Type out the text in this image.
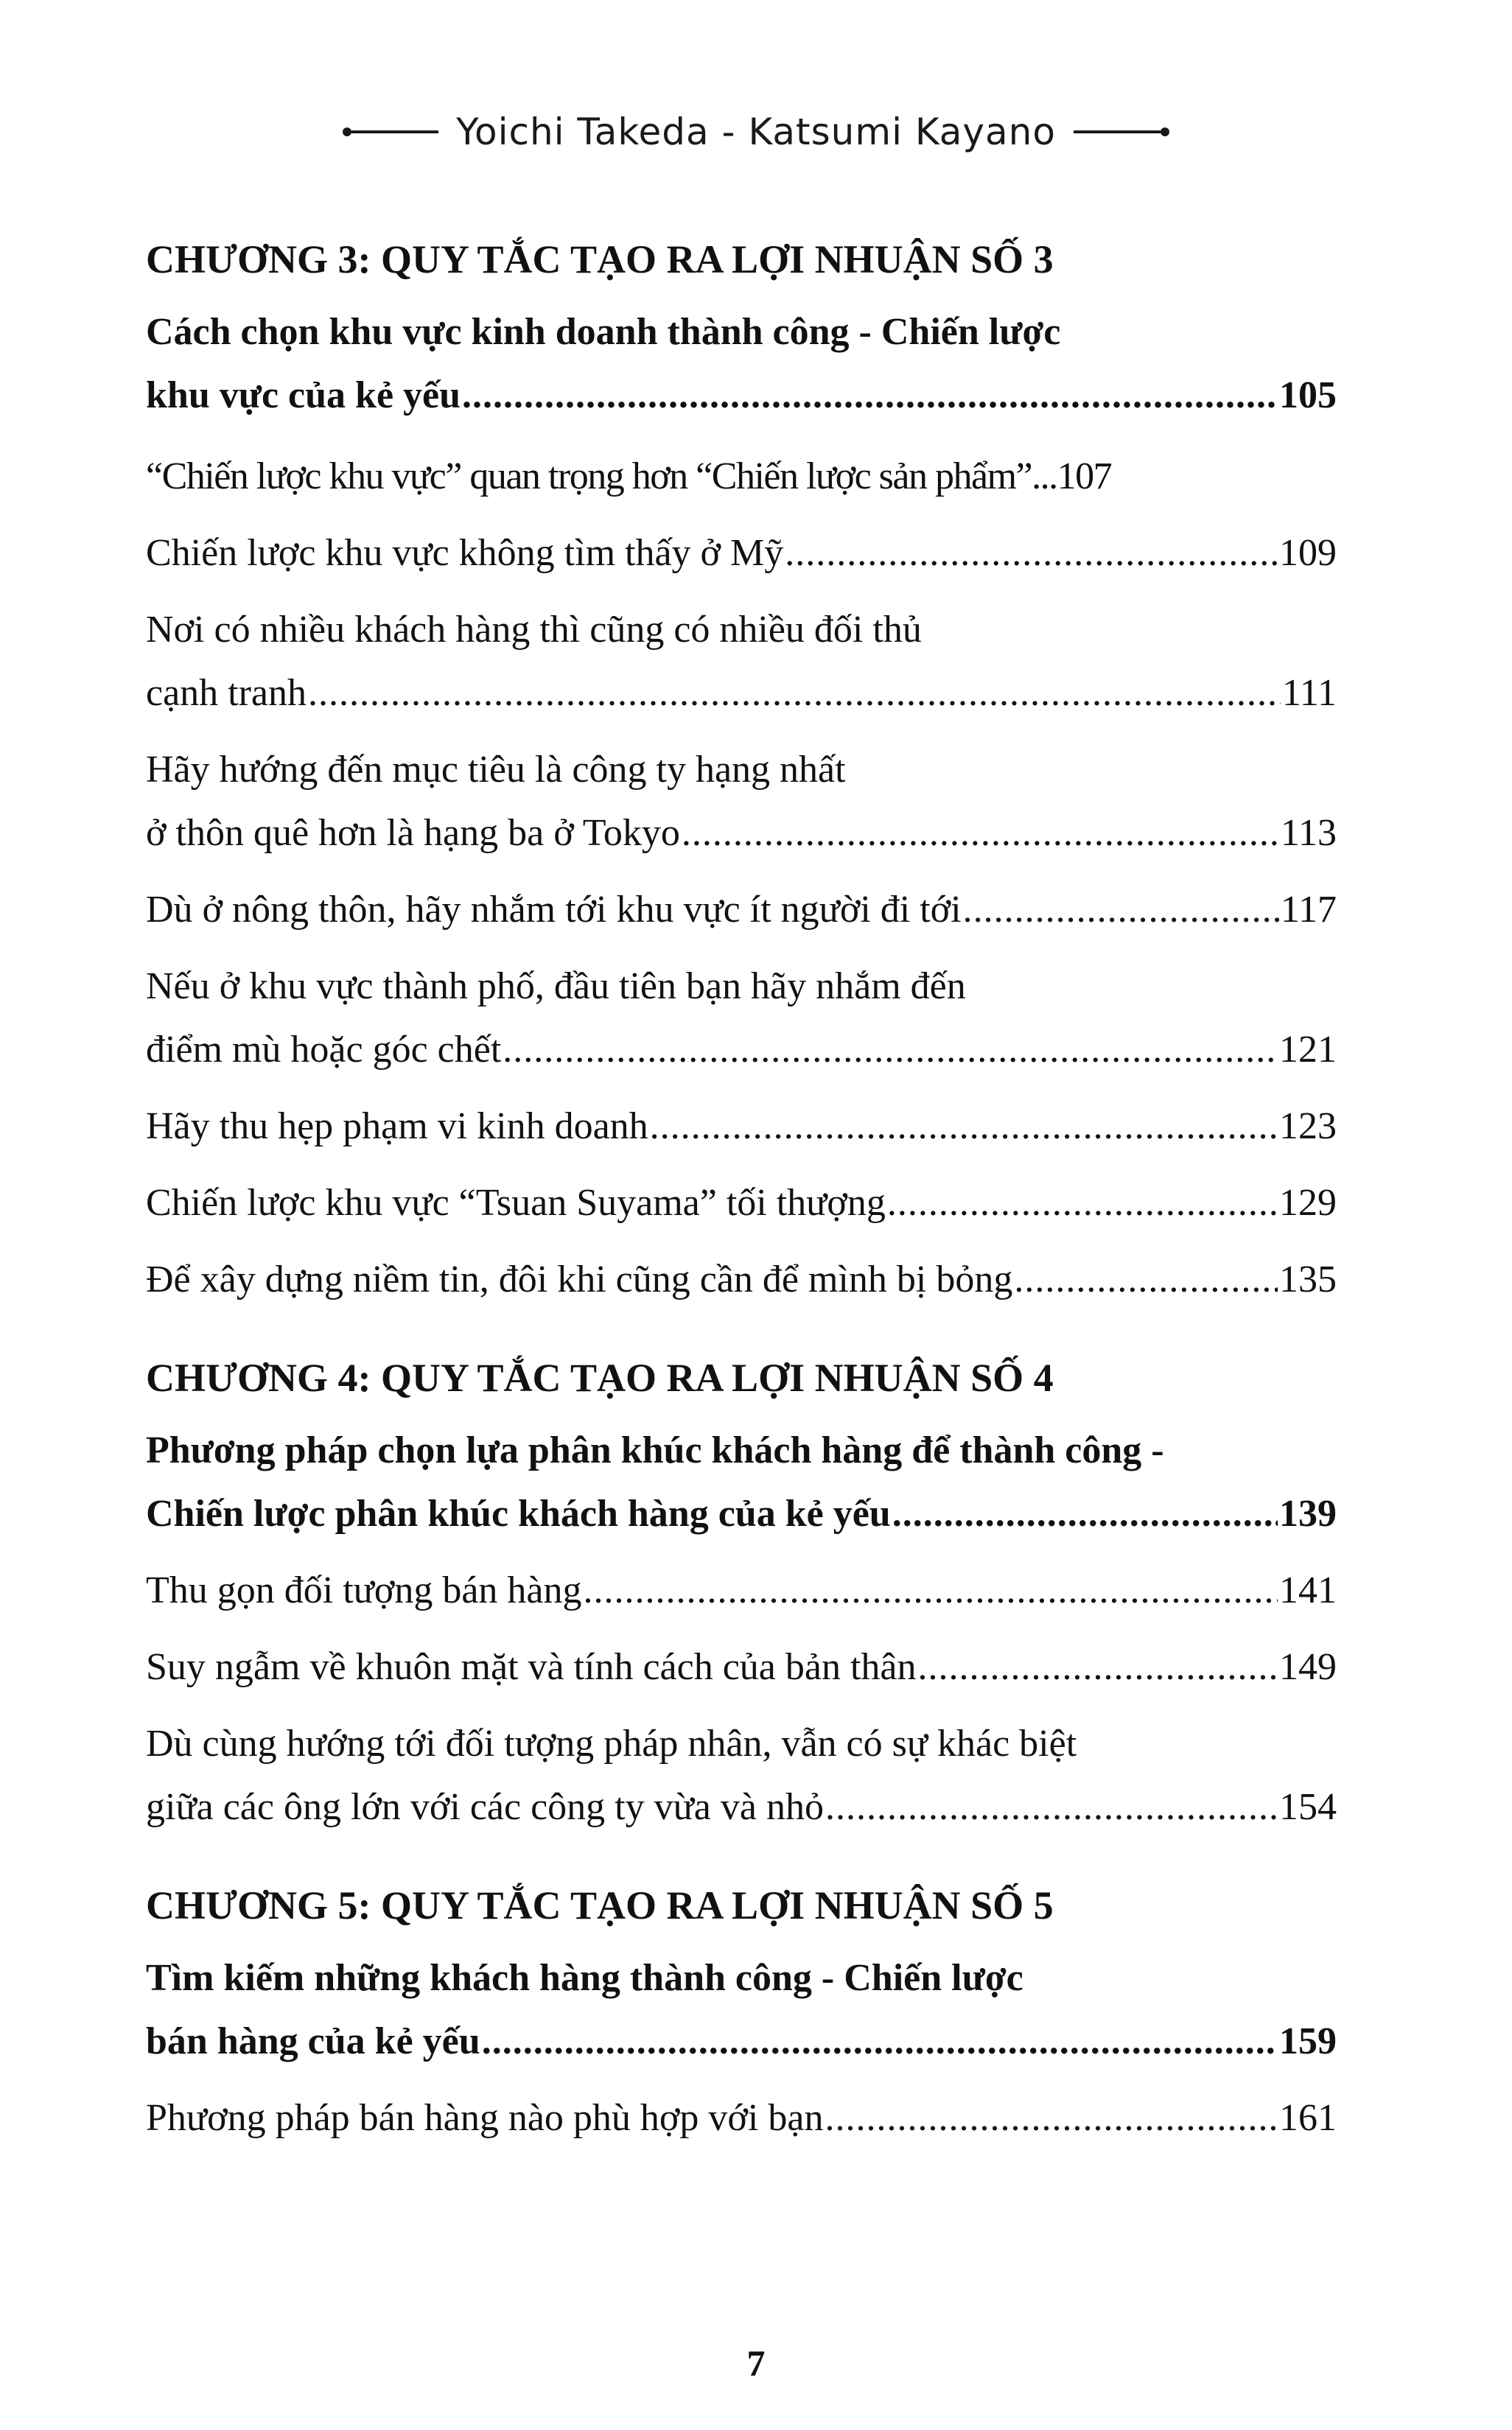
Yoichi Takeda - Katsumi Kayano
CHƯƠNG 3: QUY TẮC TẠO RA LỢI NHUẬN SỐ 3
Cách chọn khu vực kinh doanh thành công - Chiến lược
khu vực của kẻ yếu .....	105
“Chiến lược khu vực” quan trọng hơn “Chiến lược sản phẩm”...107
Chiến lược khu vực không tìm thấy ở Mỹ .....	109
Nơi có nhiều khách hàng thì cũng có nhiều đối thủ
cạnh tranh .....	111
Hãy hướng đến mục tiêu là công ty hạng nhất
ở thôn quê hơn là hạng ba ở Tokyo .....	113
Dù ở nông thôn, hãy nhắm tới khu vực ít người đi tới .....	117
Nếu ở khu vực thành phố, đầu tiên bạn hãy nhắm đến
điểm mù hoặc góc chết .....	121
Hãy thu hẹp phạm vi kinh doanh .....	123
Chiến lược khu vực “Tsuan Suyama” tối thượng .....	129
Để xây dựng niềm tin, đôi khi cũng cần để mình bị bỏng .....	135
CHƯƠNG 4: QUY TẮC TẠO RA LỢI NHUẬN SỐ 4
Phương pháp chọn lựa phân khúc khách hàng để thành công -
Chiến lược phân khúc khách hàng của kẻ yếu .....	139
Thu gọn đối tượng bán hàng .....	141
Suy ngẫm về khuôn mặt và tính cách của bản thân .....	149
Dù cùng hướng tới đối tượng pháp nhân, vẫn có sự khác biệt
giữa các ông lớn với các công ty vừa và nhỏ .....	154
CHƯƠNG 5: QUY TẮC TẠO RA LỢI NHUẬN SỐ 5
Tìm kiếm những khách hàng thành công - Chiến lược
bán hàng của kẻ yếu .....	159
Phương pháp bán hàng nào phù hợp với bạn .....	161
7
